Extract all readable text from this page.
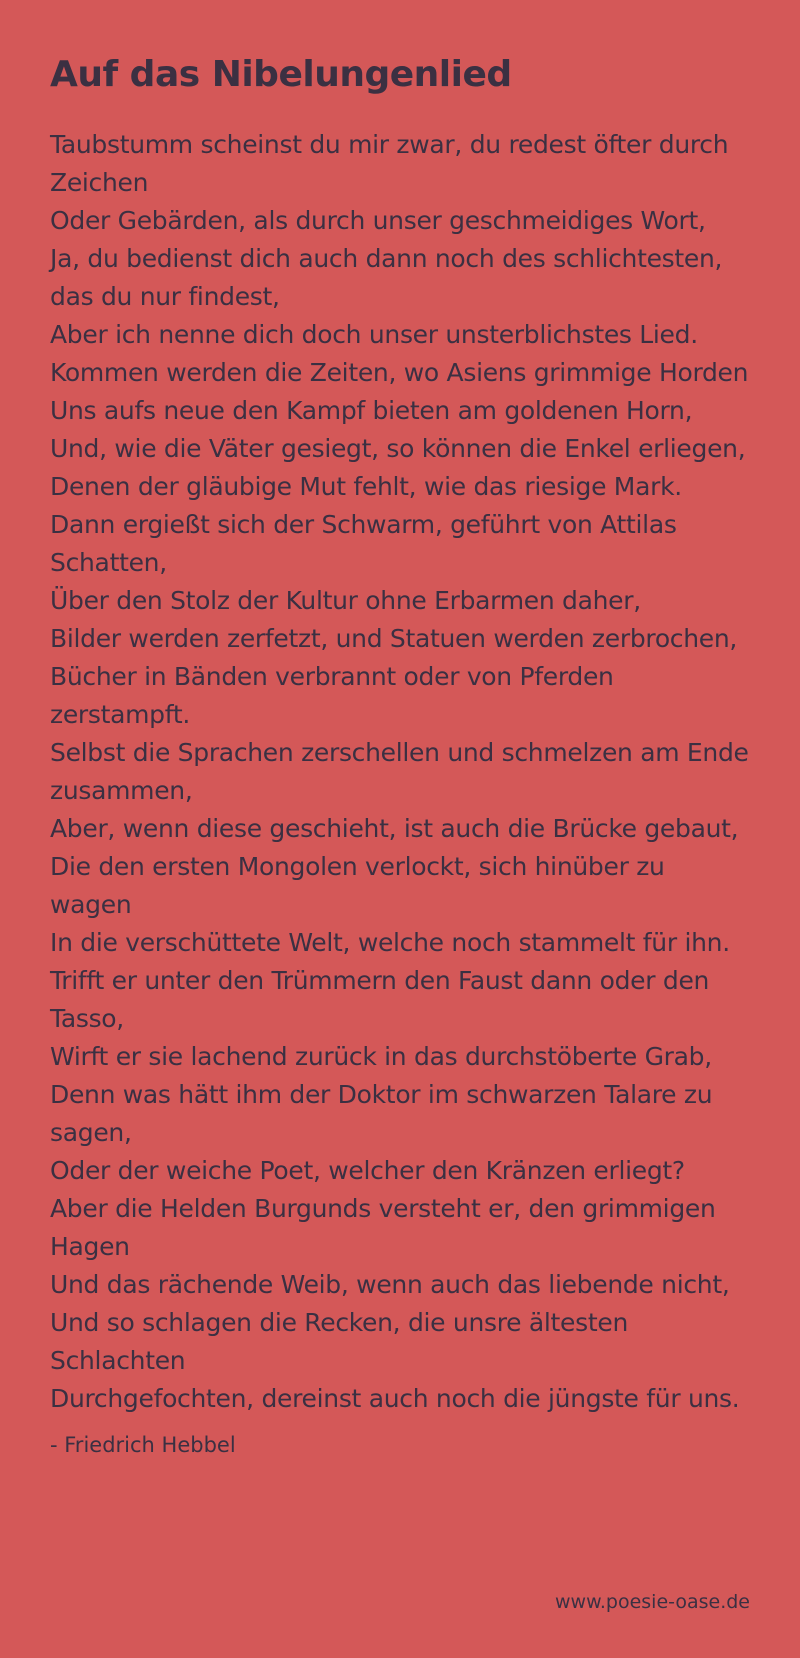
Auf das Nibelungenlied
Taubstumm scheinst du mir zwar, du redest öfter durch Zeichen
Oder Gebärden, als durch unser geschmeidiges Wort,
Ja, du bedienst dich auch dann noch des schlichtesten, das du nur findest,
Aber ich nenne dich doch unser unsterblichstes Lied.
Kommen werden die Zeiten, wo Asiens grimmige Horden
Uns aufs neue den Kampf bieten am goldenen Horn,
Und, wie die Väter gesiegt, so können die Enkel erliegen,
Denen der gläubige Mut fehlt, wie das riesige Mark.
Dann ergießt sich der Schwarm, geführt von Attilas Schatten,
Über den Stolz der Kultur ohne Erbarmen daher,
Bilder werden zerfetzt, und Statuen werden zerbrochen,
Bücher in Bänden verbrannt oder von Pferden zerstampft.
Selbst die Sprachen zerschellen und schmelzen am Ende zusammen,
Aber, wenn diese geschieht, ist auch die Brücke gebaut,
Die den ersten Mongolen verlockt, sich hinüber zu wagen
In die verschüttete Welt, welche noch stammelt für ihn.
Trifft er unter den Trümmern den Faust dann oder den Tasso,
Wirft er sie lachend zurück in das durchstöberte Grab,
Denn was hätt ihm der Doktor im schwarzen Talare zu sagen,
Oder der weiche Poet, welcher den Kränzen erliegt?
Aber die Helden Burgunds versteht er, den grimmigen Hagen
Und das rächende Weib, wenn auch das liebende nicht,
Und so schlagen die Recken, die unsre ältesten Schlachten
Durchgefochten, dereinst auch noch die jüngste für uns.
- Friedrich Hebbel
www.poesie-oase.de
